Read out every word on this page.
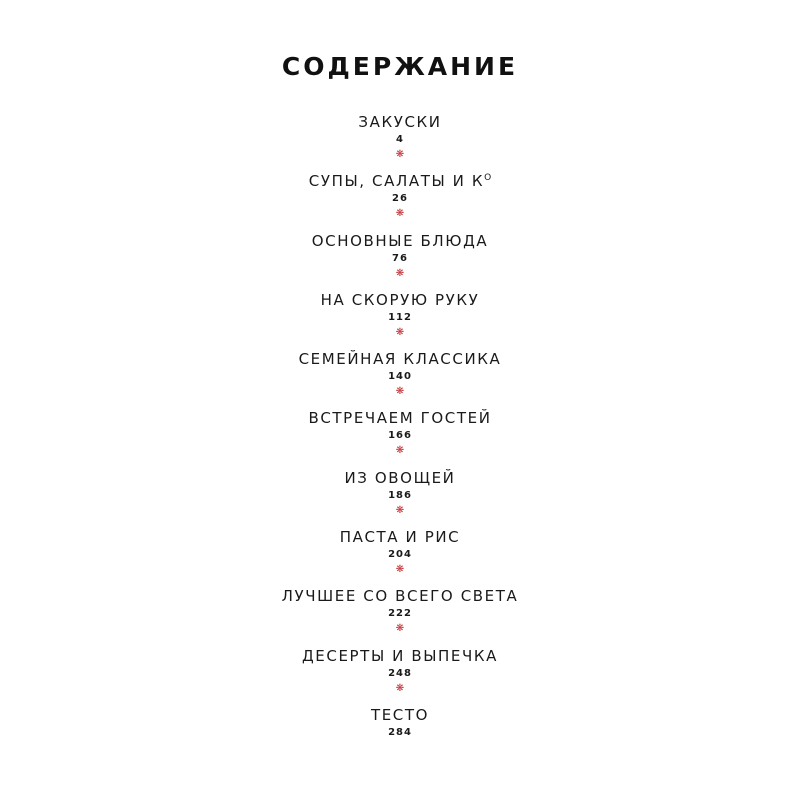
СОДЕРЖАНИЕ
ЗАКУСКИ
4
❋
СУПЫ, САЛАТЫ И $К^О$
26
❋
ОСНОВНЫЕ БЛЮДА
76
❋
НА СКОРУЮ РУКУ
112
❋
СЕМЕЙНАЯ КЛАССИКА
140
❋
ВСТРЕЧАЕМ ГОСТЕЙ
166
❋
ИЗ ОВОЩЕЙ
186
❋
ПАСТА И РИС
204
❋
ЛУЧШЕЕ СО ВСЕГО СВЕТА
222
❋
ДЕСЕРТЫ И ВЫПЕЧКА
248
❋
ТЕСТО
284
